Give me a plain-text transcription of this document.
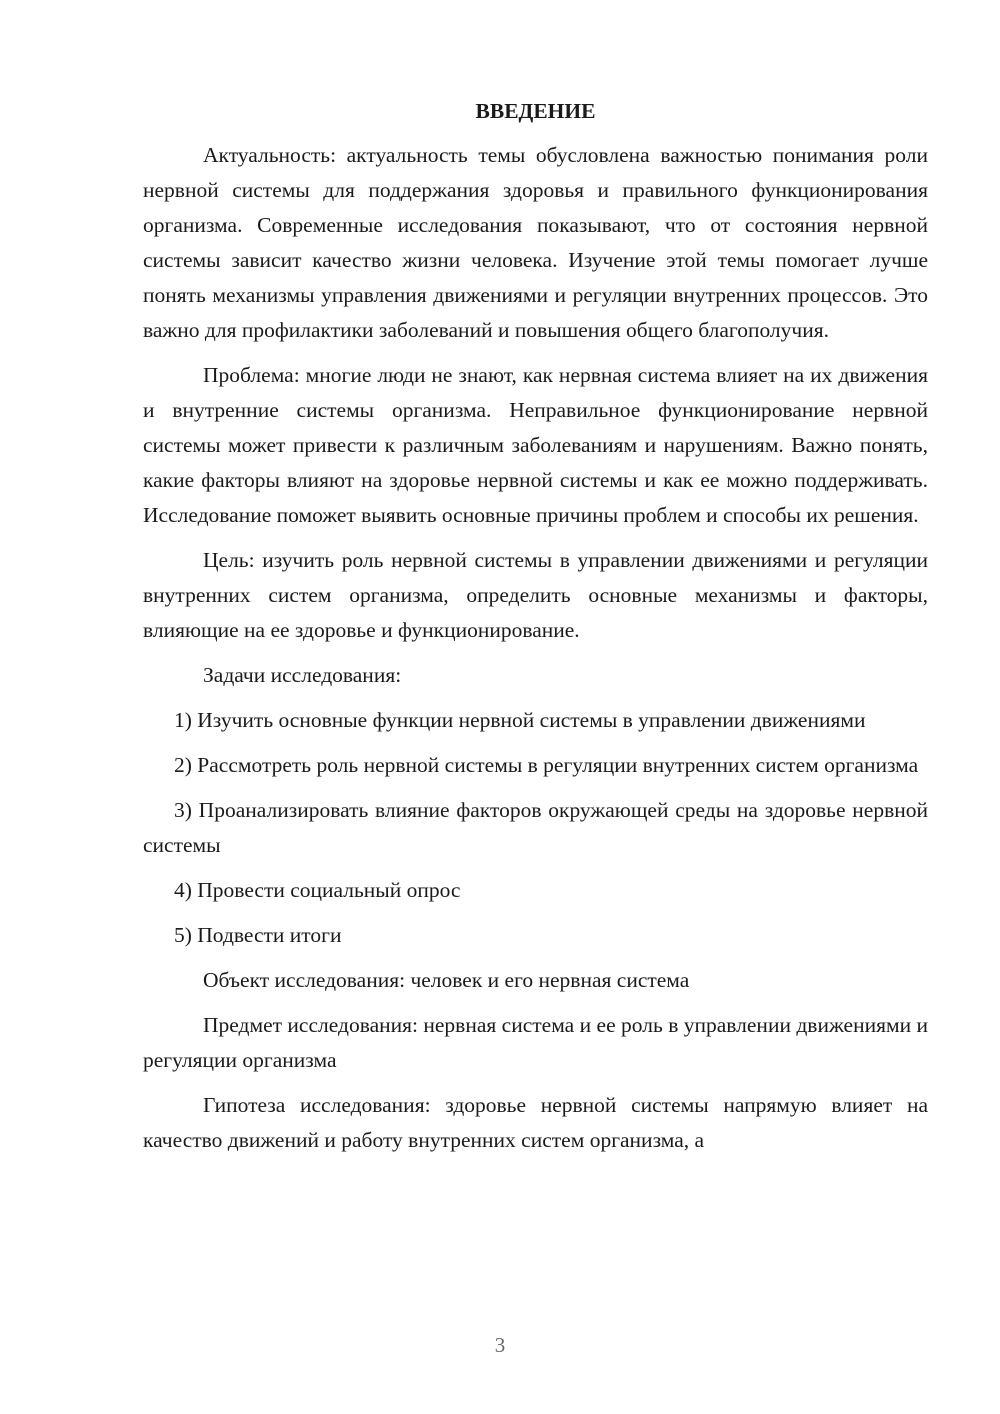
ВВЕДЕНИЕ

Актуальность: актуальность темы обусловлена важностью понимания роли нервной системы для поддержания здоровья и правильного функционирования организма. Современные исследования показывают, что от состояния нервной системы зависит качество жизни человека. Изучение этой темы помогает лучше понять механизмы управления движениями и регуляции внутренних процессов. Это важно для профилактики заболеваний и повышения общего благополучия.

Проблема: многие люди не знают, как нервная система влияет на их движения и внутренние системы организма. Неправильное функционирование нервной системы может привести к различным заболеваниям и нарушениям. Важно понять, какие факторы влияют на здоровье нервной системы и как ее можно поддерживать. Исследование поможет выявить основные причины проблем и способы их решения.

Цель: изучить роль нервной системы в управлении движениями и регуляции внутренних систем организма, определить основные механизмы и факторы, влияющие на ее здоровье и функционирование.

Задачи исследования:

1) Изучить основные функции нервной системы в управлении движениями

2) Рассмотреть роль нервной системы в регуляции внутренних систем организма

3) Проанализировать влияние факторов окружающей среды на здоровье нервной системы

4) Провести социальный опрос

5) Подвести итоги

Объект исследования: человек и его нервная система

Предмет исследования: нервная система и ее роль в управлении движениями и регуляции организма

Гипотеза исследования: здоровье нервной системы напрямую влияет на качество движений и работу внутренних систем организма, а

3
